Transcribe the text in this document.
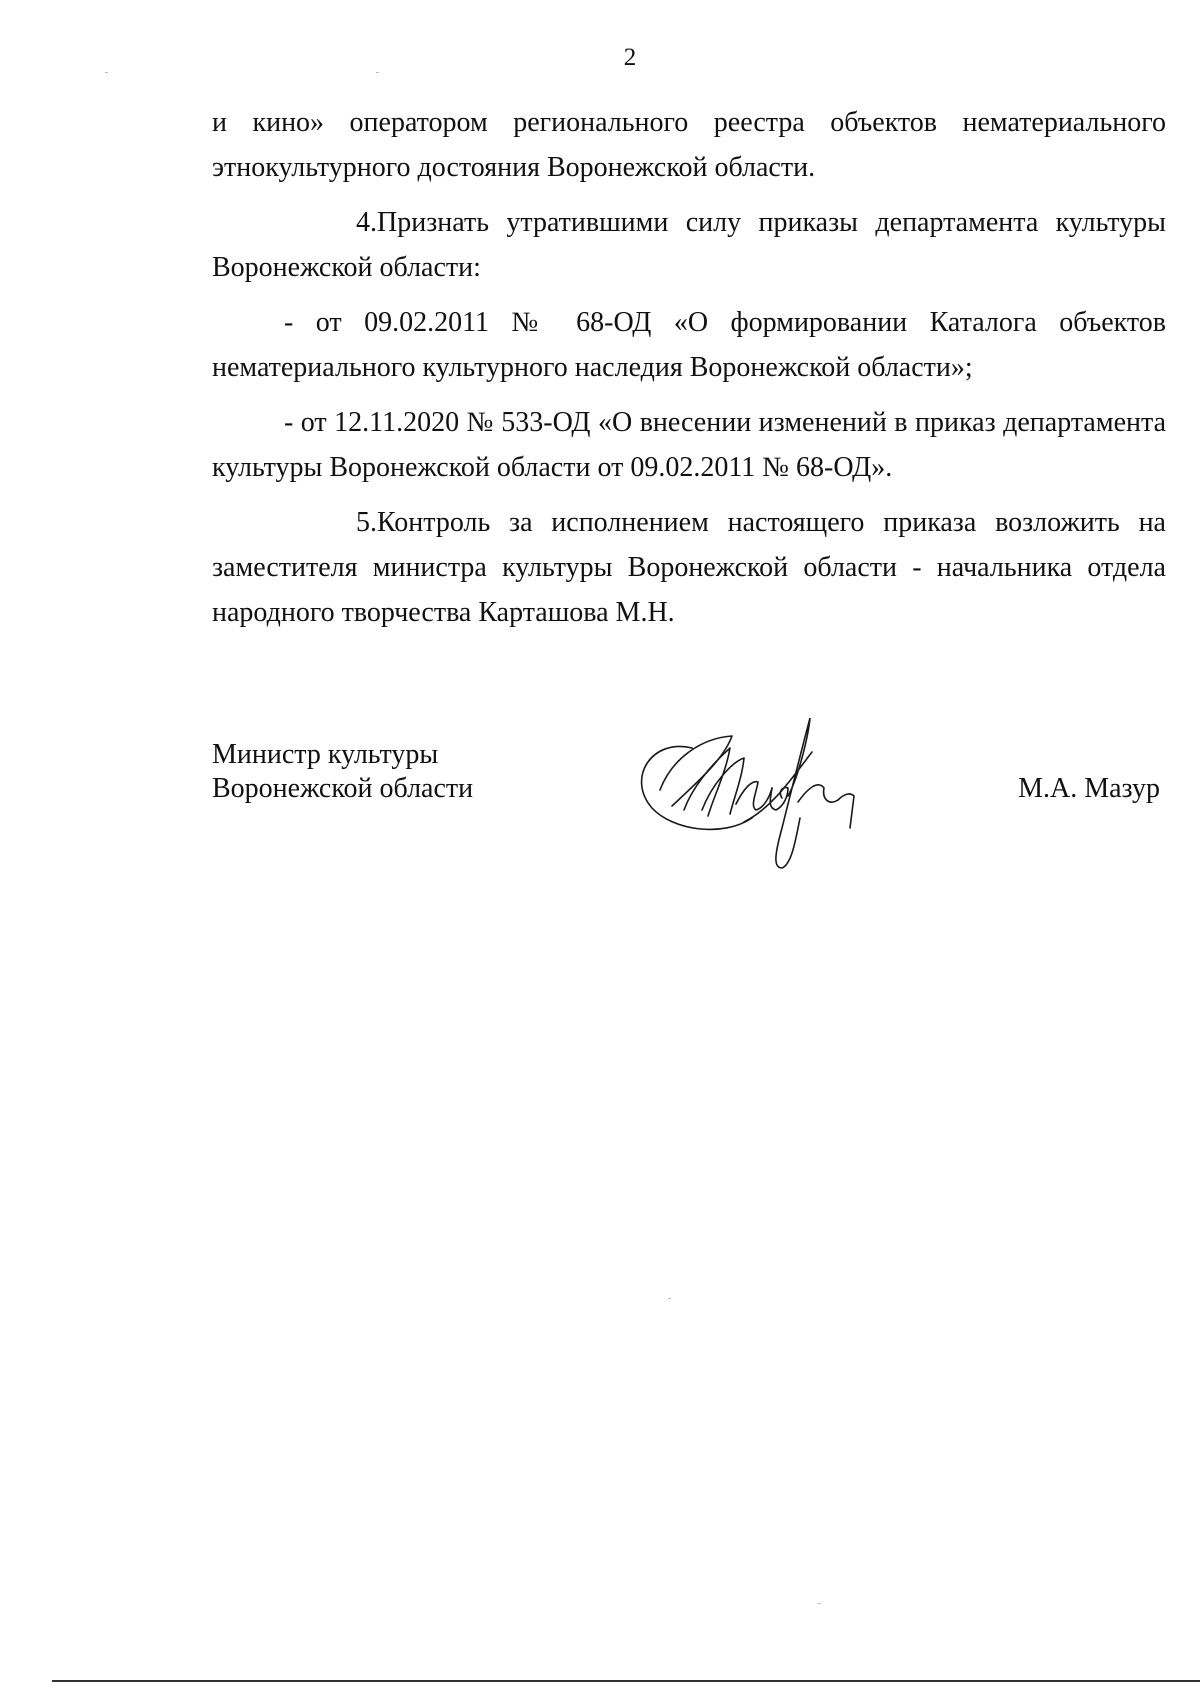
2

и кино» оператором регионального реестра объектов нематериального этнокультурного достояния Воронежской области.

4.Признать утратившими силу приказы департамента культуры Воронежской области:

- от 09.02.2011 № 68-ОД «О формировании Каталога объектов нематериального культурного наследия Воронежской области»;

- от 12.11.2020 № 533-ОД «О внесении изменений в приказ департамента культуры Воронежской области от 09.02.2011 № 68-ОД».

5.Контроль за исполнением настоящего приказа возложить на заместителя министра культуры Воронежской области - начальника отдела народного творчества Карташова М.Н.

Министр культуры
Воронежской области	М.А. Мазур
